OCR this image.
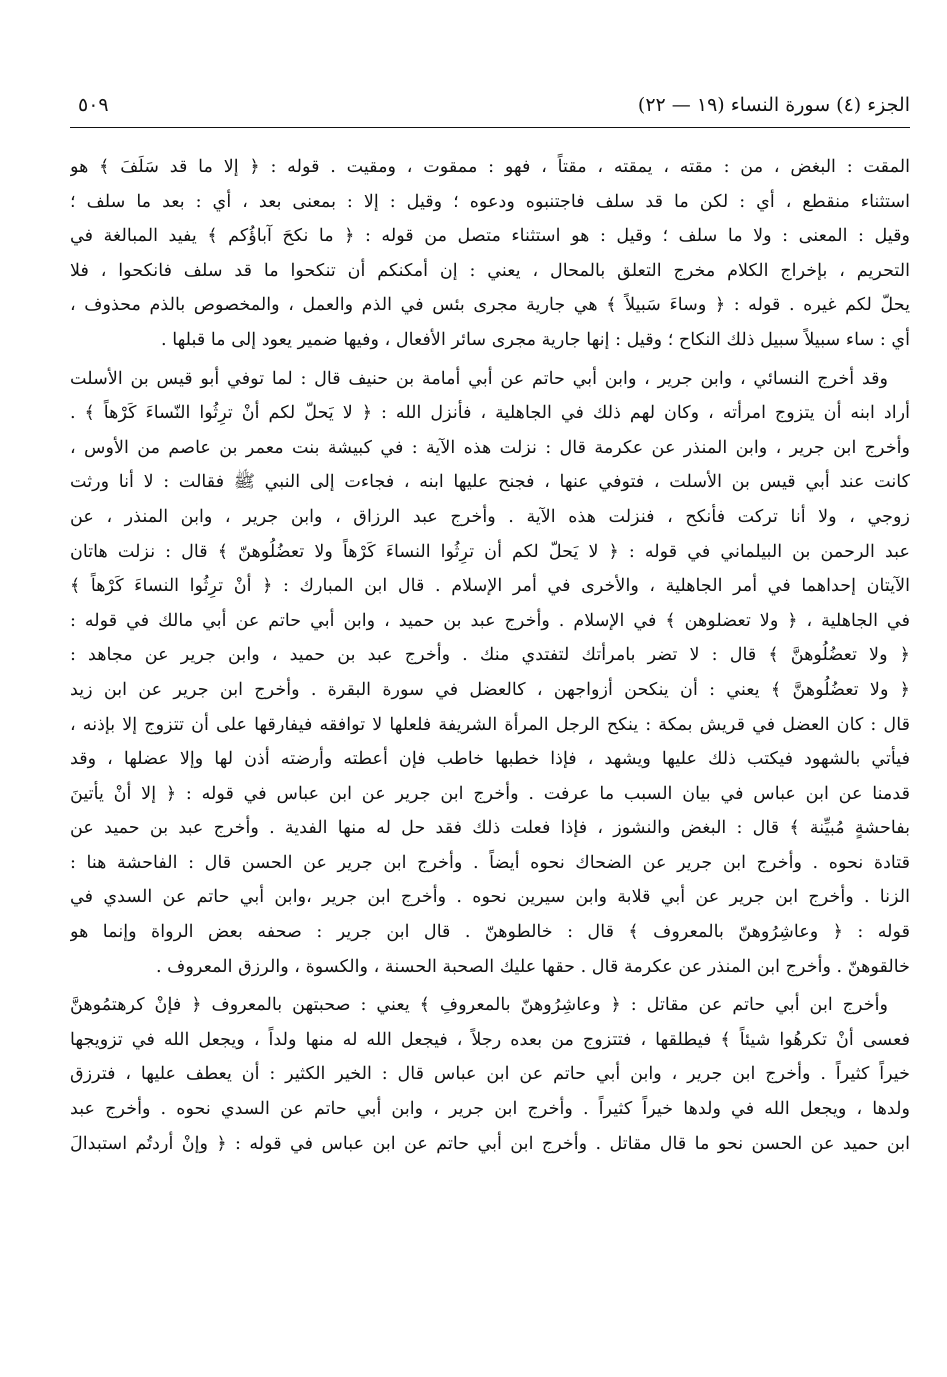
الجزء (٤) سورة النساء (١٩ — ٢٢)
٥٠٩
المقت : البغض ، من : مقته ، يمقته ، مقتاً ، فهو : ممقوت ، ومقيت . قوله : ﴿ إلا ما قد سَلَفَ ﴾ هو
استثناء منقطع ، أي : لكن ما قد سلف فاجتنبوه ودعوه ؛ وقيل : إلا : بمعنى بعد ، أي : بعد ما سلف ؛
وقيل : المعنى : ولا ما سلف ؛ وقيل : هو استثناء متصل من قوله : ﴿ ما نكحَ آباؤُكم ﴾ يفيد المبالغة في
التحريم ، بإخراج الكلام مخرج التعلق بالمحال ، يعني : إن أمكنكم أن تنكحوا ما قد سلف فانكحوا ، فلا
يحلّ لكم غيره . قوله : ﴿ وساءَ سَبيلاً ﴾ هي جارية مجرى بئس في الذم والعمل ، والمخصوص بالذم محذوف ،
أي : ساء سبيلاً سبيل ذلك النكاح ؛ وقيل : إنها جارية مجرى سائر الأفعال ، وفيها ضمير يعود إلى ما قبلها .
وقد أخرج النسائي ، وابن جرير ، وابن أبي حاتم عن أبي أمامة بن حنيف قال : لما توفي أبو قيس بن الأسلت
أراد ابنه أن يتزوج امرأته ، وكان لهم ذلك في الجاهلية ، فأنزل الله : ﴿ لا يَحلّ لكم أنْ ترِثُوا النّساءَ كَرْهاً ﴾ .
وأخرج ابن جرير ، وابن المنذر عن عكرمة قال : نزلت هذه الآية : في كبيشة بنت معمر بن عاصم من الأوس ،
كانت عند أبي قيس بن الأسلت ، فتوفي عنها ، فجنح عليها ابنه ، فجاءت إلى النبي ﷺ فقالت : لا أنا ورثت
زوجي ، ولا أنا تركت فأنكح ، فنزلت هذه الآية . وأخرج عبد الرزاق ، وابن جرير ، وابن المنذر ، عن
عبد الرحمن بن البيلماني في قوله : ﴿ لا يَحلّ لكم أن ترِثُوا النساءَ كَرْهاً ولا تعضُلُوهنّ ﴾ قال : نزلت هاتان
الآيتان إحداهما في أمر الجاهلية ، والأخرى في أمر الإسلام . قال ابن المبارك : ﴿ أنْ ترِثُوا النساءَ كَرْهاً ﴾
في الجاهلية ، ﴿ ولا تعضلوهن ﴾ في الإسلام . وأخرج عبد بن حميد ، وابن أبي حاتم عن أبي مالك في قوله :
﴿ ولا تعضُلُوهنَّ ﴾ قال : لا تضر بامرأتك لتفتدي منك . وأخرج عبد بن حميد ، وابن جرير عن مجاهد :
﴿ ولا تعضُلُوهنَّ ﴾ يعني : أن ينكحن أزواجهن ، كالعضل في سورة البقرة . وأخرج ابن جرير عن ابن زيد
قال : كان العضل في قريش بمكة : ينكح الرجل المرأة الشريفة فلعلها لا توافقه فيفارقها على أن تتزوج إلا بإذنه ،
فيأتي بالشهود فيكتب ذلك عليها ويشهد ، فإذا خطبها خاطب فإن أعطته وأرضته أذن لها وإلا عضلها ، وقد
قدمنا عن ابن عباس في بيان السبب ما عرفت . وأخرج ابن جرير عن ابن عباس في قوله : ﴿ إلا أنْ يأتينَ
بفاحشةٍ مُبيِّنة ﴾ قال : البغض والنشوز ، فإذا فعلت ذلك فقد حل له منها الفدية . وأخرج عبد بن حميد عن
قتادة نحوه . وأخرج ابن جرير عن الضحاك نحوه أيضاً . وأخرج ابن جرير عن الحسن قال : الفاحشة هنا :
الزنا . وأخرج ابن جرير عن أبي قلابة وابن سيرين نحوه . وأخرج ابن جرير ،وابن أبي حاتم عن السدي في
قوله : ﴿ وعاشِرُوهنّ بالمعروف ﴾ قال : خالطوهنّ . قال ابن جرير : صحفه بعض الرواة وإنما هو
خالقوهنّ . وأخرج ابن المنذر عن عكرمة قال . حقها عليك الصحبة الحسنة ، والكسوة ، والرزق المعروف .
وأخرج ابن أبي حاتم عن مقاتل : ﴿ وعاشِرُوهنّ بالمعروفِ ﴾ يعني : صحبتهن بالمعروف ﴿ فإنْ كرهتمُوهنَّ
فعسى أنْ تكرهُوا شيئاً ﴾ فيطلقها ، فتتزوج من بعده رجلاً ، فيجعل الله له منها ولداً ، ويجعل الله في تزويجها
خيراً كثيراً . وأخرج ابن جرير ، وابن أبي حاتم عن ابن عباس قال : الخير الكثير : أن يعطف عليها ، فترزق
ولدها ، ويجعل الله في ولدها خيراً كثيراً . وأخرج ابن جرير ، وابن أبي حاتم عن السدي نحوه . وأخرج عبد
ابن حميد عن الحسن نحو ما قال مقاتل . وأخرج ابن أبي حاتم عن ابن عباس في قوله : ﴿ وإنْ أردتُم استبدالَ
